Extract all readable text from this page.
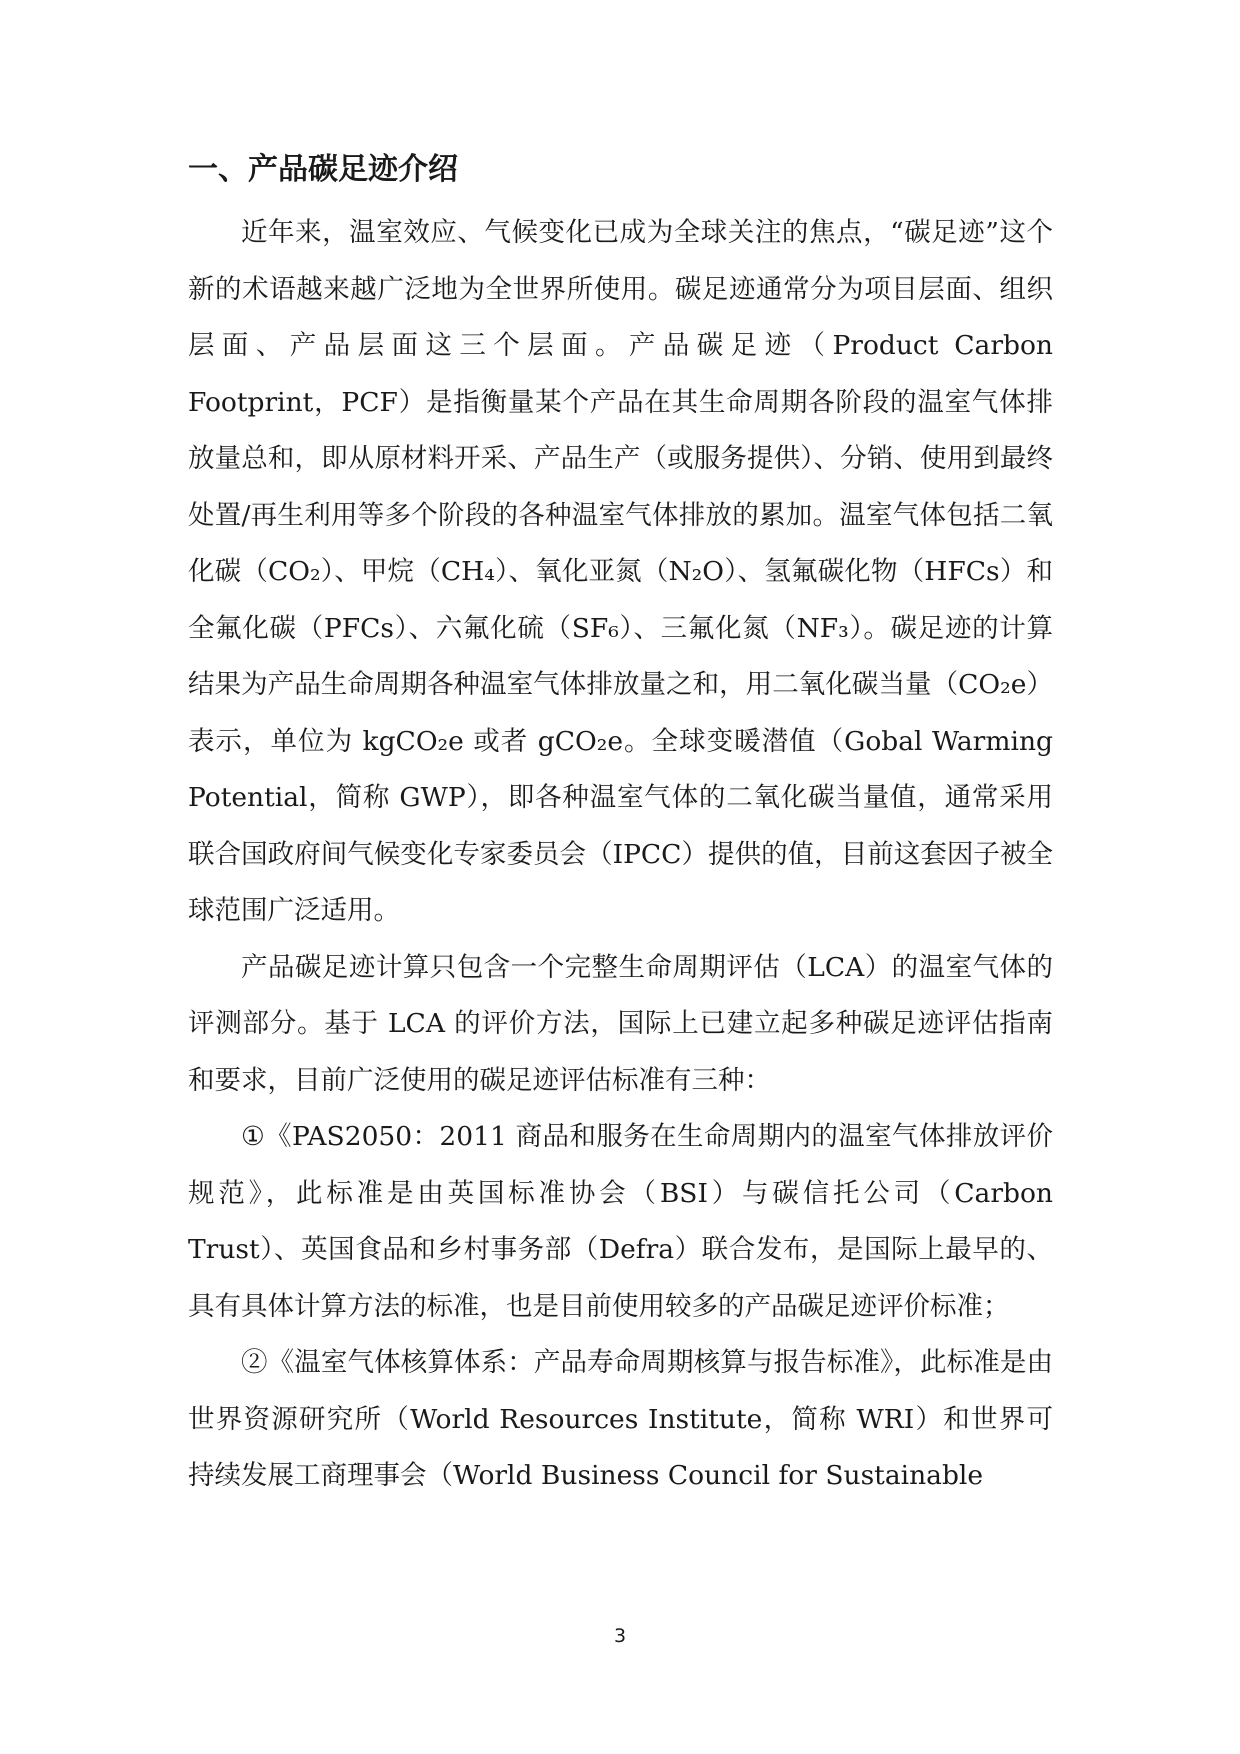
一、产品碳足迹介绍

近年来，温室效应、气候变化已成为全球关注的焦点，“碳足迹”这个新的术语越来越广泛地为全世界所使用。碳足迹通常分为项目层面、组织层面、产品层面这三个层面。产品碳足迹（Product Carbon Footprint，PCF）是指衡量某个产品在其生命周期各阶段的温室气体排放量总和，即从原材料开采、产品生产（或服务提供）、分销、使用到最终处置/再生利用等多个阶段的各种温室气体排放的累加。温室气体包括二氧化碳（CO₂）、甲烷（CH₄）、氧化亚氮（N₂O）、氢氟碳化物（HFCs）和全氟化碳（PFCs）、六氟化硫（SF₆）、三氟化氮（NF₃）。碳足迹的计算结果为产品生命周期各种温室气体排放量之和，用二氧化碳当量（CO₂e）表示，单位为 kgCO₂e 或者 gCO₂e。全球变暖潜值（Gobal Warming Potential，简称 GWP），即各种温室气体的二氧化碳当量值，通常采用联合国政府间气候变化专家委员会（IPCC）提供的值，目前这套因子被全球范围广泛适用。

产品碳足迹计算只包含一个完整生命周期评估（LCA）的温室气体的评测部分。基于 LCA 的评价方法，国际上已建立起多种碳足迹评估指南和要求，目前广泛使用的碳足迹评估标准有三种：

①《PAS2050：2011 商品和服务在生命周期内的温室气体排放评价规范》，此标准是由英国标准协会（BSI）与碳信托公司（Carbon Trust）、英国食品和乡村事务部（Defra）联合发布，是国际上最早的、具有具体计算方法的标准，也是目前使用较多的产品碳足迹评价标准；

②《温室气体核算体系：产品寿命周期核算与报告标准》，此标准是由世界资源研究所（World Resources Institute，简称 WRI）和世界可持续发展工商理事会（World Business Council for Sustainable

3
